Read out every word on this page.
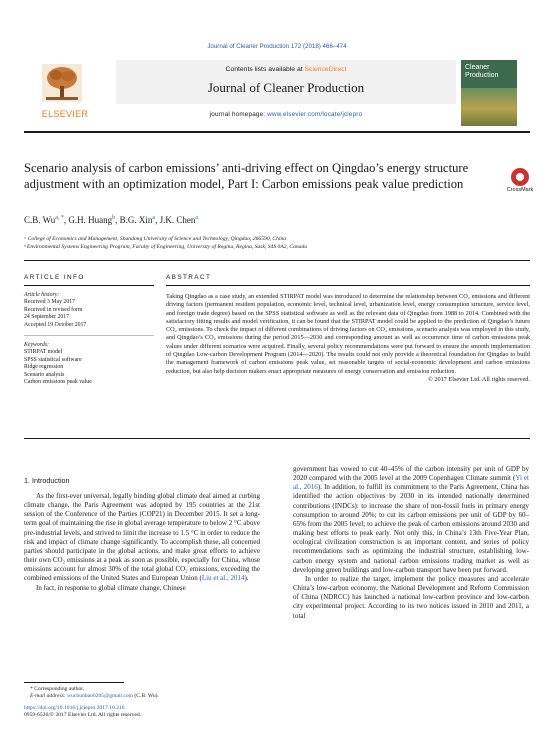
Journal of Cleaner Production 172 (2018) 466–474
ELSEVIER
Contents lists available at ScienceDirect
Journal of Cleaner Production
journal homepage: www.elsevier.com/locate/jclepro
Cleaner Production
Scenario analysis of carbon emissions’ anti-driving effect on Qingdao’s energy structure adjustment with an optimization model, Part I: Carbon emissions peak value prediction	CrossMark
C.B. $Wu^{a, *}$, G.H. Huang$^b$, B.G. Xin$^a$, J.K. Chen$^a$
ᵃ College of Economics and Management, Shandong University of Science and Technology, Qingdao, 266590, China
ᵇ Environmental Systems Engineering Program, Faculty of Engineering, University of Regina, Regina, Sask, S4S 0A2, Canada
ARTICLE INFO	ABSTRACT
Article history:
Received 3 May 2017
Received in revised form
24 September 2017
Accepted 19 October 2017
Keywords:
STIRPAT model
SPSS statistical software
Ridge regression
Scenario analysis
Carbon emissions peak value
Taking Qingdao as a case study, an extended STIRPAT model was introduced to determine the relationship between CO₂ emissions and different driving factors (permanent resident population, economic level, technical level, urbanization level, energy consumption structure, service level, and foreign trade degree) based on the SPSS statistical software as well as the relevant data of Qingdao from 1988 to 2014. Combined with the satisfactory fitting results and model verification, it can be found that the STIRPAT model could be applied to the prediction of Qingdao’s future CO₂ emissions. To check the impact of different combinations of driving factors on CO₂ emissions, scenario analysis was employed in this study, and Qingdao’s CO₂ emissions during the period 2015—2030 and corresponding amount as well as occurrence time of carbon emissions peak values under different scenarios were acquired. Finally, several policy recommendations were put forward to ensure the smooth implementation of Qingdao Low-carbon Development Program (2014—2020). The results could not only provide a theoretical foundation for Qingdao to build the management framework of carbon emissions peak value, set reasonable targets of social-economic development and carbon emissions reduction, but also help decision makers enact appropriate measures of energy conservation and emission reduction.
© 2017 Elsevier Ltd. All rights reserved.
1. Introduction

As the first-ever universal, legally binding global climate deal aimed at curbing climate change, the Paris Agreement was adopted by 195 countries at the 21st session of the Conference of the Parties (COP21) in December 2015. It set a long-term goal of maintaining the rise in global average temperature to below 2 °C above pre-industrial levels, and strived to limit the increase to 1.5 °C in order to reduce the risk and impact of climate change significantly. To accomplish these, all concerned parties should participate in the global actions, and make great efforts to achieve their own CO₂ emissions at a peak as soon as possible, especially for China, whose emissions account for almost 30% of the total global CO₂ emissions, exceeding the combined emissions of the United States and European Union (Liu et al., 2014).

In fact, in response to global climate change, Chinese

government has vowed to cut 40–45% of the carbon intensity per unit of GDP by 2020 compared with the 2005 level at the 2009 Copenhagen Climate summit (Yi et al., 2016). In addition, to fulfill its commitment to the Paris Agreement, China has identified the action objectives by 2030 in its intended nationally determined contributions (INDCs): to increase the share of non-fossil fuels in primary energy consumption to around 20%; to cut its carbon emissions per unit of GDP by 60–65% from the 2005 level; to achieve the peak of carbon emissions around 2030 and making best efforts to peak early. Not only this, in China’s 13th Five-Year Plan, ecological civilization construction is an important content, and series of policy recommendations such as optimizing the industrial structure, establishing low-carbon energy system and national carbon emissions trading market as well as developing green buildings and low-carbon transport have been put forward.

In order to realize the target, implement the policy measures and accelerate China’s low-carbon economy, the National Development and Reform Commission of China (NDRCC) has launched a national low-carbon province and low-carbon city experimental project. According to its two notices issued in 2010 and 2011, a total

* Corresponding author.
E-mail address: wuchunbao0205@gmail.com (C.B. Wu).
https://doi.org/10.1016/j.jclepro.2017.10.216
0959-6526/© 2017 Elsevier Ltd. All rights reserved.
